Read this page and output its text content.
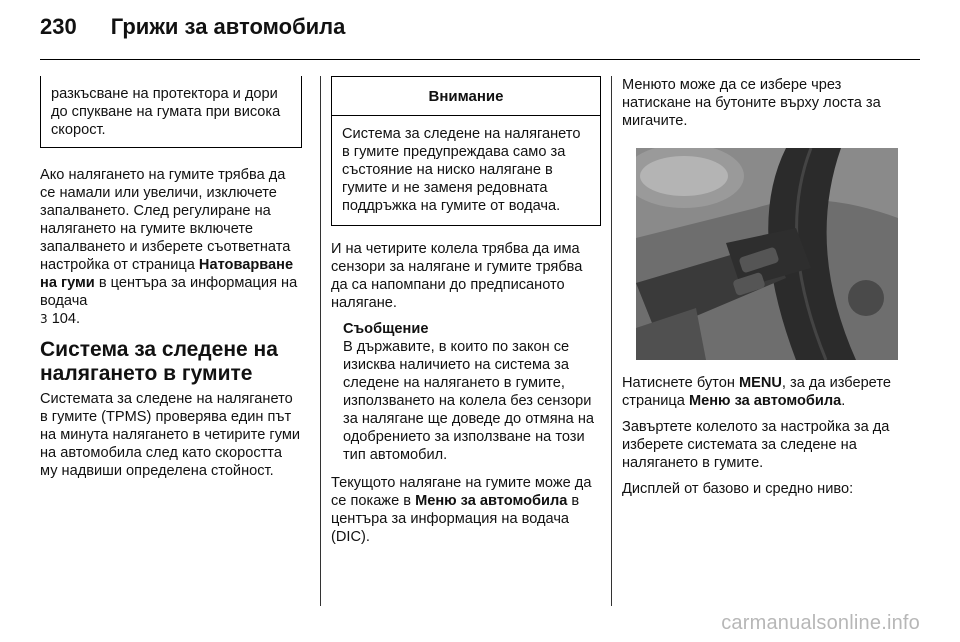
230 Грижи за автомобила
разкъсване на протектора и дори до спукване на гумата при висока скорост.

Ако налягането на гумите трябва да се намали или увеличи, изключете запалването. След регулиране на налягането на гумите включете запалването и изберете съответната настройка от страница Натоварване на гуми в центъра за информация на водача
3 104.

Система за следене на налягането в гумите

Системата за следене на налягането в гумите (TPMS) проверява един път на минута налягането в четирите гуми на автомобила след като скоростта му надвиши определена стойност.

Внимание
Система за следене на налягането в гумите предупреждава само за състояние на ниско налягане в гумите и не заменя редовната поддръжка на гумите от водача.

И на четирите колела трябва да има сензори за налягане и гумите трябва да са напомпани до предписаното налягане.

Съобщение
В държавите, в които по закон се изисква наличието на система за следене на налягането в гумите, използването на колела без сензори за налягане ще доведе до отмяна на одобрението за използване на този тип автомобил.

Текущото налягане на гумите може да се покаже в Меню за автомобила в центъра за информация на водача (DIC).

Менюто може да се избере чрез натискане на бутоните върху лоста за мигачите.

Натиснете бутон MENU, за да изберете страница Меню за автомобила.

Завъртете колелото за настройка за да изберете системата за следене на налягането в гумите.

Дисплей от базово и средно ниво:

carmanualsonline.info
